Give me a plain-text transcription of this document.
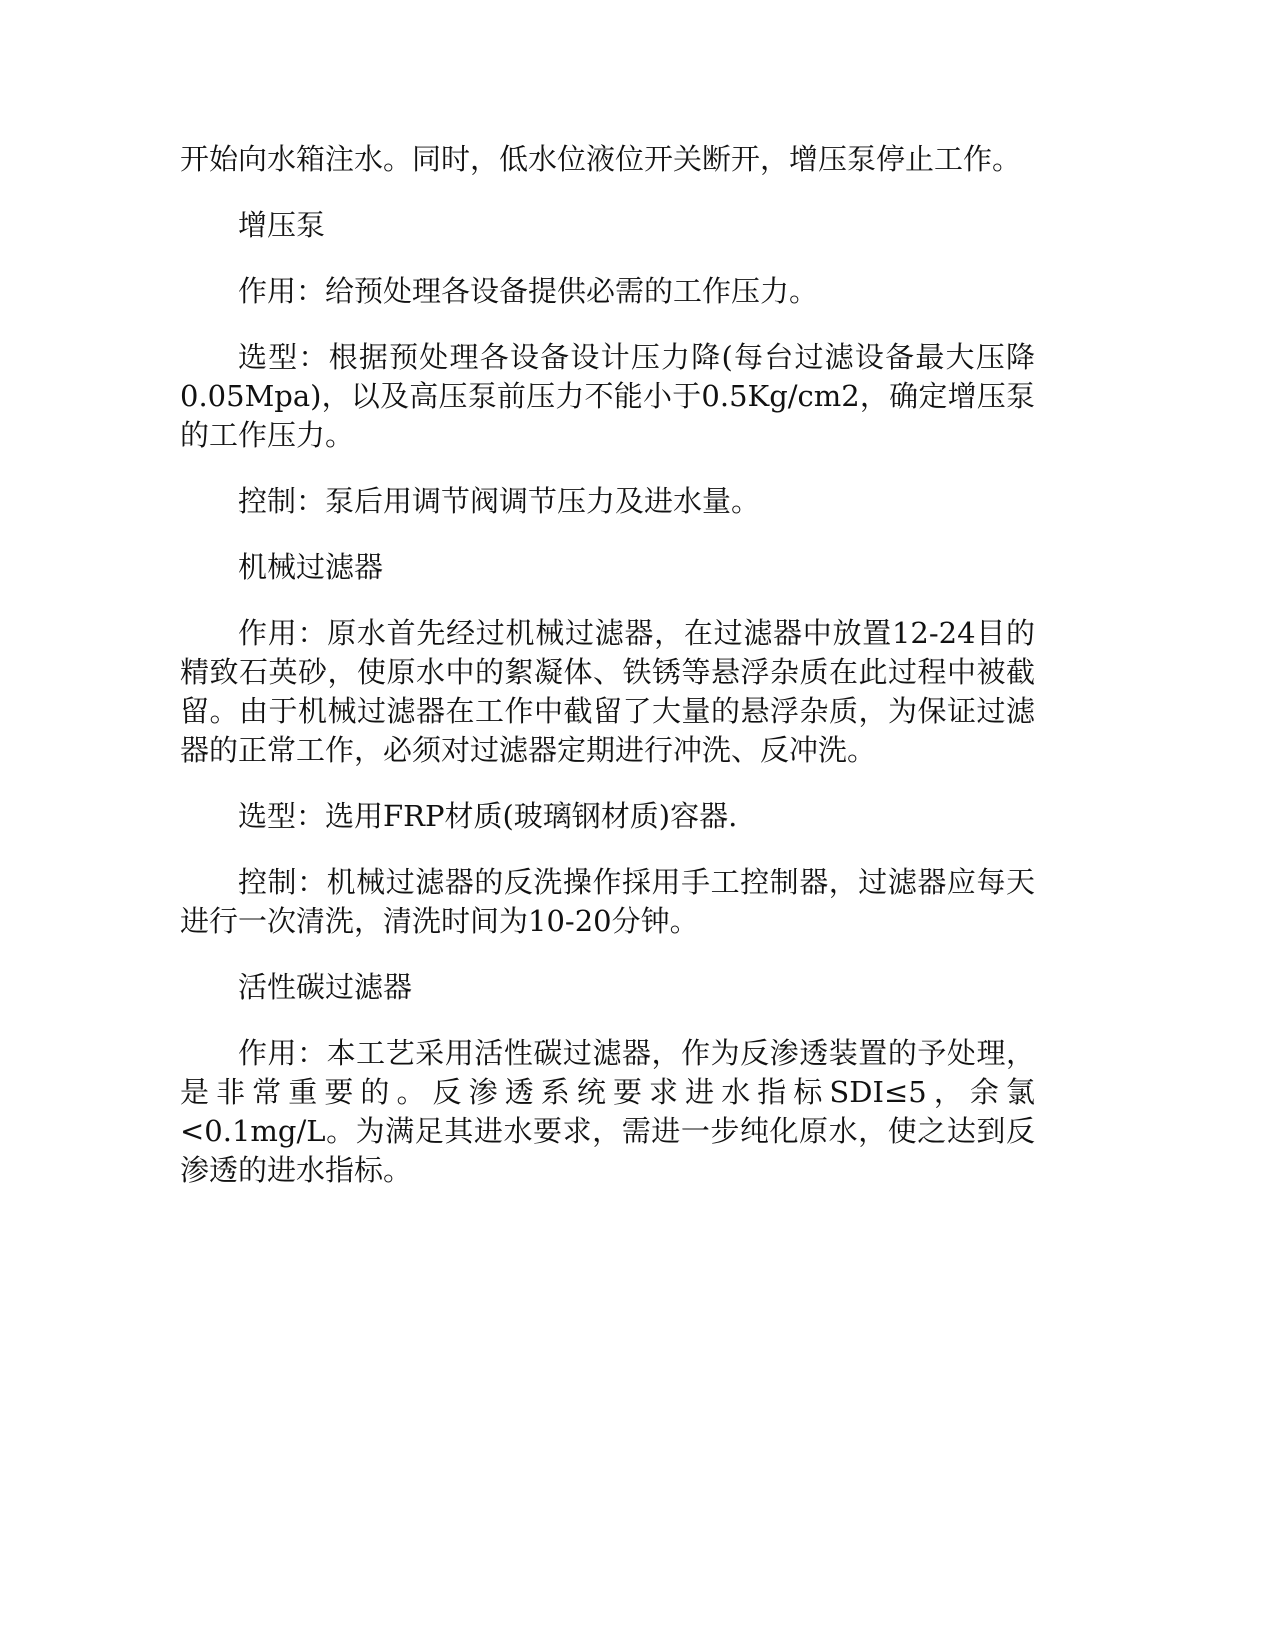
开始向水箱注水。同时，低水位液位开关断开，增压泵停止工作。

增压泵

作用：给预处理各设备提供必需的工作压力。

选型：根据预处理各设备设计压力降(每台过滤设备最大压降0.05Mpa)，以及高压泵前压力不能小于0.5Kg/cm2，确定增压泵的工作压力。

控制：泵后用调节阀调节压力及进水量。

机械过滤器

作用：原水首先经过机械过滤器，在过滤器中放置12-24目的精致石英砂，使原水中的絮凝体、铁锈等悬浮杂质在此过程中被截留。由于机械过滤器在工作中截留了大量的悬浮杂质，为保证过滤器的正常工作，必须对过滤器定期进行冲洗、反冲洗。

选型：选用FRP材质(玻璃钢材质)容器.

控制：机械过滤器的反洗操作採用手工控制器，过滤器应每天进行一次清洗，清洗时间为10-20分钟。

活性碳过滤器

作用：本工艺采用活性碳过滤器，作为反渗透装置的予处理，是非常重要的。反渗透系统要求进水指标SDI≤5，余氯<0.1mg/L。为满足其进水要求，需进一步纯化原水，使之达到反渗透的进水指标。
